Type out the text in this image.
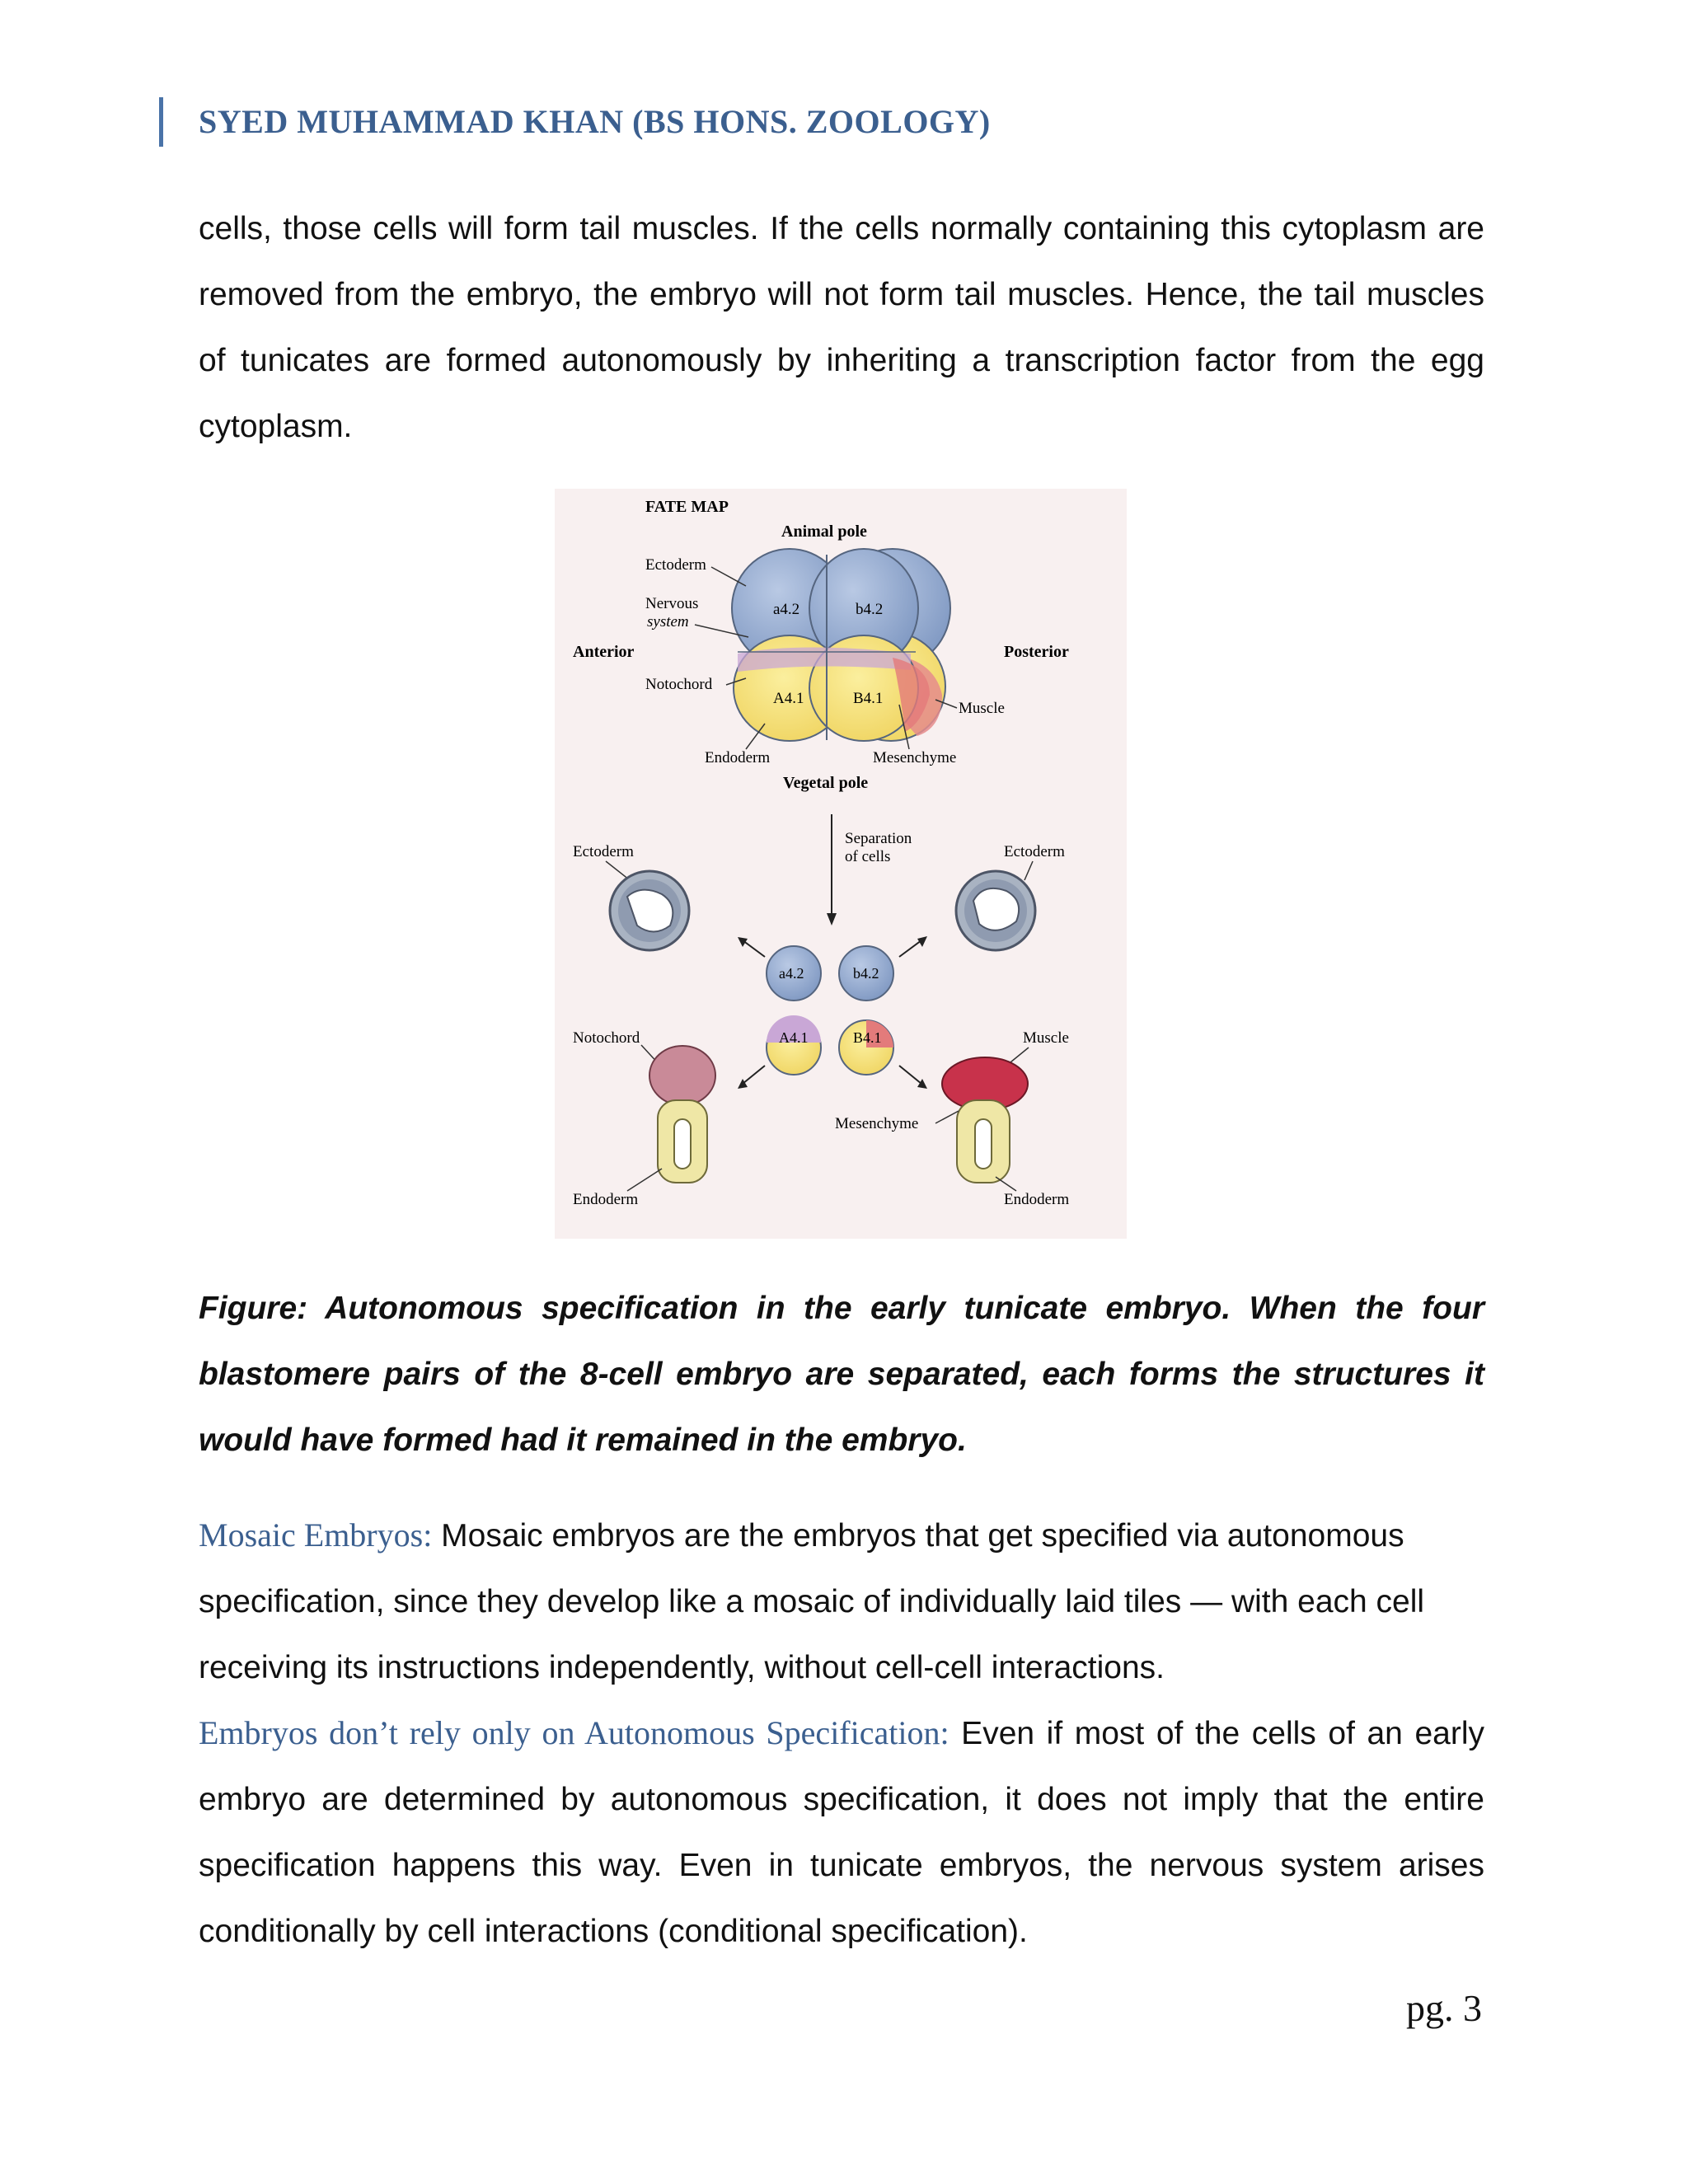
SYED MUHAMMAD KHAN (BS HONS. ZOOLOGY)
cells, those cells will form tail muscles. If the cells normally containing this cytoplasm are removed from the embryo, the embryo will not form tail muscles. Hence, the tail muscles of tunicates are formed autonomously by inheriting a transcription factor from the egg cytoplasm.
FATE MAP
Animal pole
Anterior	Posterior
Vegetal pole
a4.2	b4.2
A4.1	B4.1
Ectoderm
Nervous
system
Notochord
Endoderm	Mesenchyme
Muscle
Separation
of cells
a4.2	b4.2
A4.1	B4.1
Ectoderm	Ectoderm
Notochord
Endoderm
Muscle
Mesenchyme
Endoderm
Figure: Autonomous specification in the early tunicate embryo. When the four blastomere pairs of the 8-cell embryo are separated, each forms the structures it would have formed had it remained in the embryo.
Mosaic Embryos: Mosaic embryos are the embryos that get specified via autonomous specification, since they develop like a mosaic of individually laid tiles — with each cell receiving its instructions independently, without cell-cell interactions.
Embryos don’t rely only on Autonomous Specification: Even if most of the cells of an early embryo are determined by autonomous specification, it does not imply that the entire specification happens this way. Even in tunicate embryos, the nervous system arises conditionally by cell interactions (conditional specification).
pg. 3
